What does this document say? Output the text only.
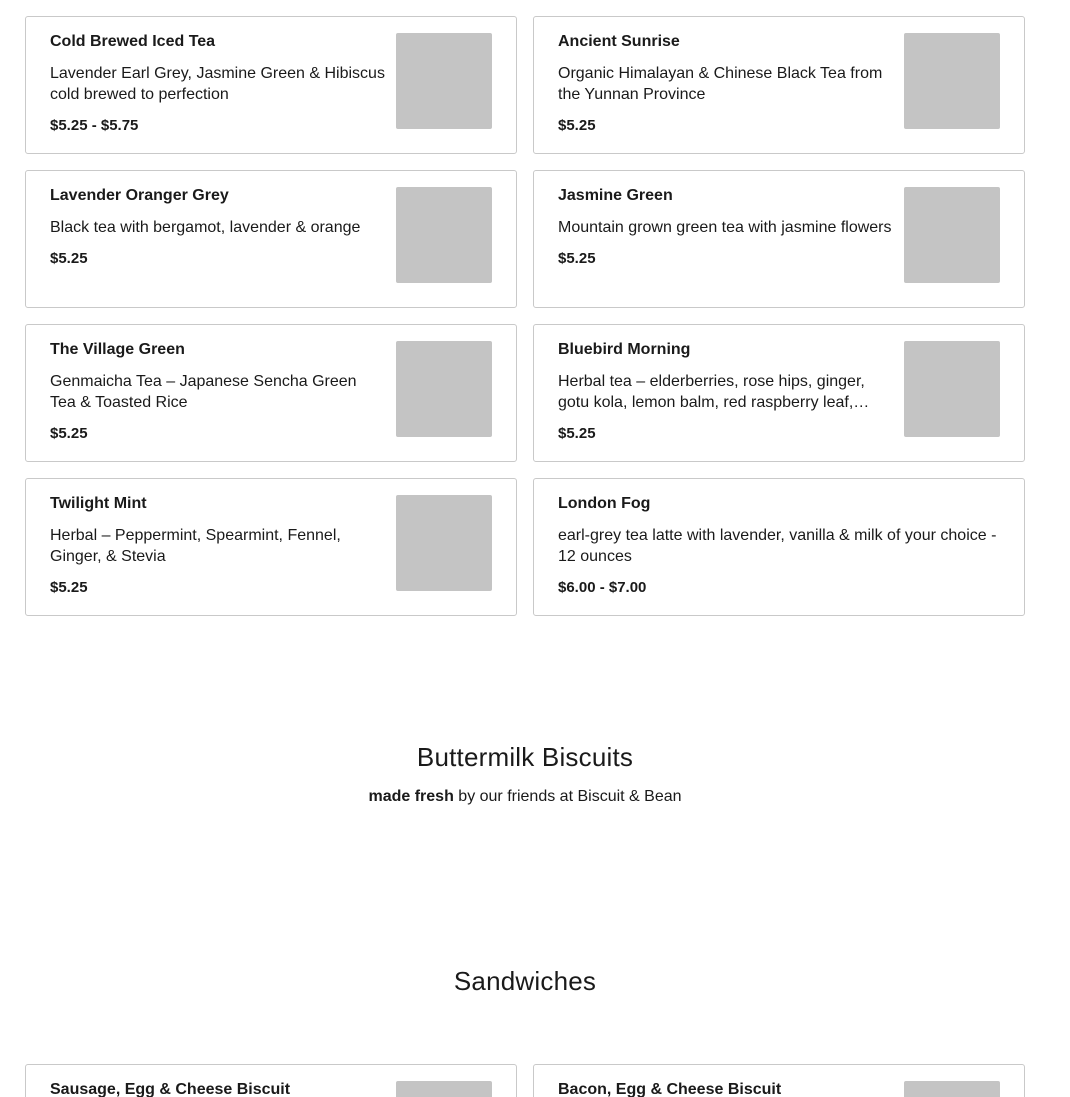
Cold Brewed Iced Tea
Lavender Earl Grey, Jasmine Green & Hibiscus cold brewed to perfection
$5.25 - $5.75
Ancient Sunrise
Organic Himalayan & Chinese Black Tea from the Yunnan Province
$5.25
Lavender Oranger Grey
Black tea with bergamot, lavender & orange
$5.25
Jasmine Green
Mountain grown green tea with jasmine flowers
$5.25
The Village Green
Genmaicha Tea – Japanese Sencha Green Tea & Toasted Rice
$5.25
Bluebird Morning
Herbal tea – elderberries, rose hips, ginger, gotu kola, lemon balm, red raspberry leaf,
$5.25
Twilight Mint
Herbal – Peppermint, Spearmint, Fennel, Ginger, & Stevia
$5.25
London Fog
earl-grey tea latte with lavender, vanilla & milk of your choice - 12 ounces
$6.00 - $7.00
Buttermilk Biscuits

made fresh by our friends at Biscuit & Bean

Sandwiches
Sausage, Egg & Cheese Biscuit	Bacon, Egg & Cheese Biscuit
